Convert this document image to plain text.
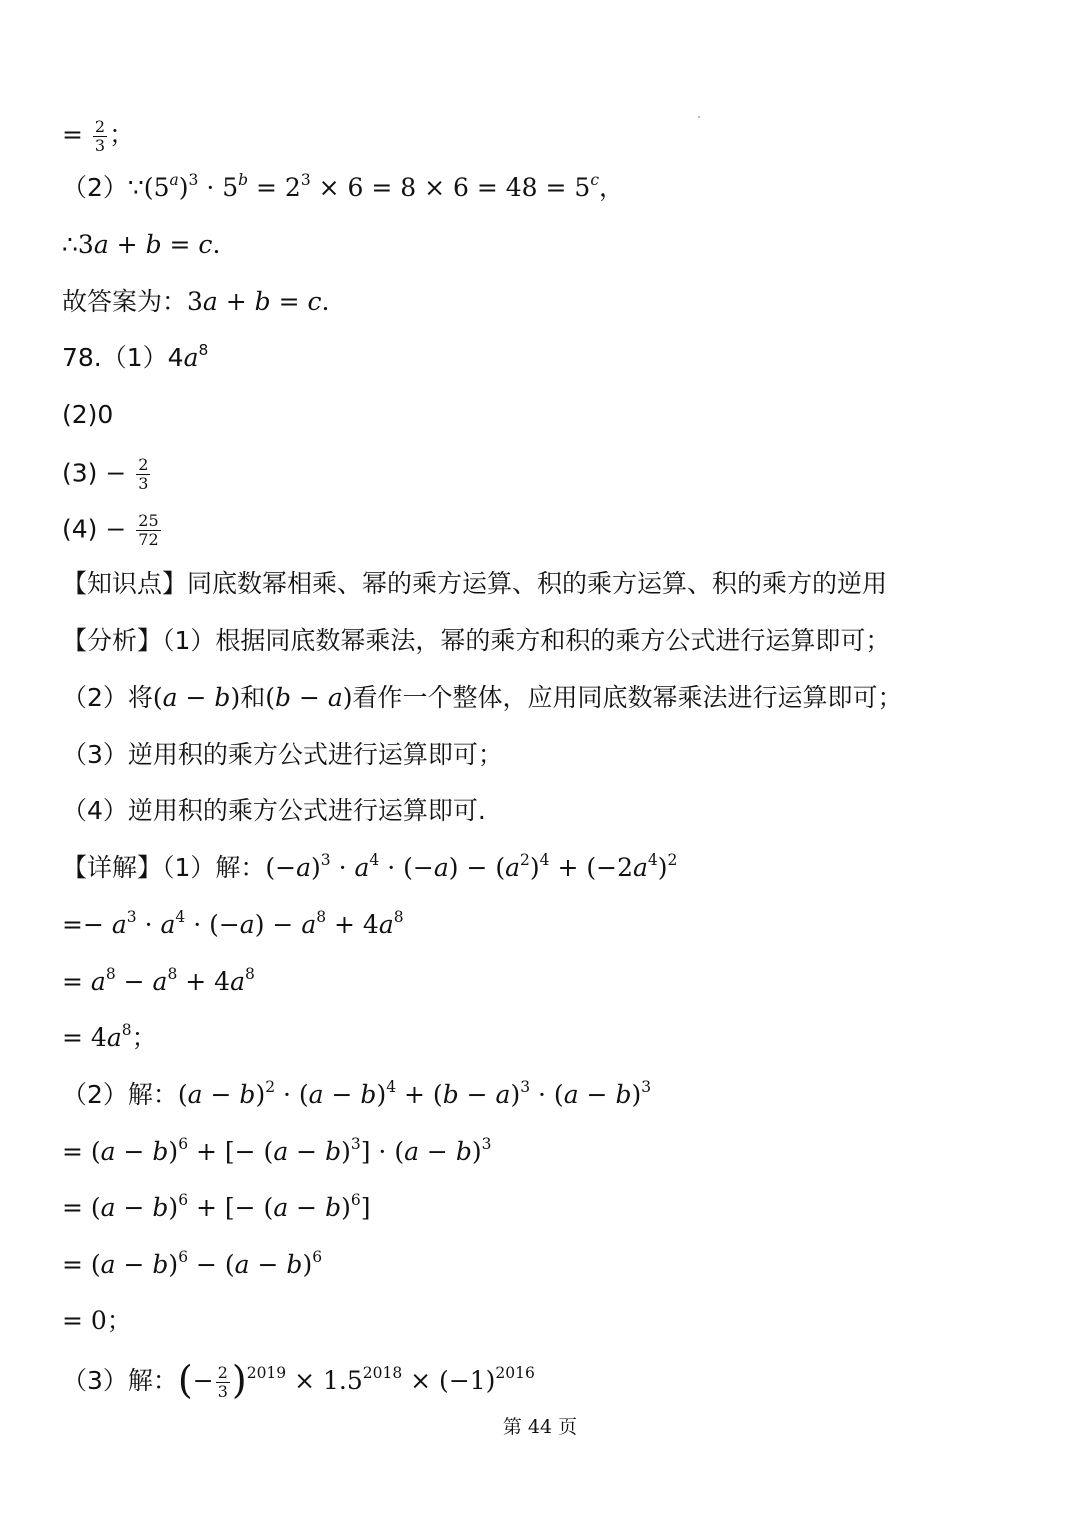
= $\frac{2}{3}$ ；
$(2)\because(5^a)^3 \cdot 5^b = 2^3 \times 6 = 8 \times 6 = 48 = 5^c$，
∴3a + b = c.
故答案为：3a + b = c.
$78.(1)4a^8$
(2)0
$(3) - \frac{2}{3}$
$(4) - \frac{25}{72}$
【知识点】同底数幂相乘、幂的乘方运算、积的乘方运算、积的乘方的逆用
【分析】（1）根据同底数幂乘法，幂的乘方和积的乘方公式进行运算即可；
（2）将(a − b)和(b − a)看作一个整体，应用同底数幂乘法进行运算即可；
（3）逆用积的乘方公式进行运算即可；
（4）逆用积的乘方公式进行运算即可.
【详解】（1）解：$(-a)^3 \cdot a^4 \cdot (-a) - (a^2)^4 + (-2a^4)^2$
=− $a^3 \cdot a^4 \cdot (-a) - a^8 + 4a^8$
= $a^8 - a^8 + 4a^8$
= $4a^8$；
（2）解：$(a - b)^2 \cdot (a - b)^4 + (b - a)^3 \cdot (a - b)^3$
= $(a - b)^6$ + [− $(a - b)^3] \cdot (a - b)^3$
= $(a - b)^6$ + [− $(a - b)^6$]
= $(a - b)^6 - (a - b)^6$
= 0；
（3）解：(− $\frac{2}{3} )^{2019} \times 1.5^{2018} \times (-1)^{2016}$
第 44 页
